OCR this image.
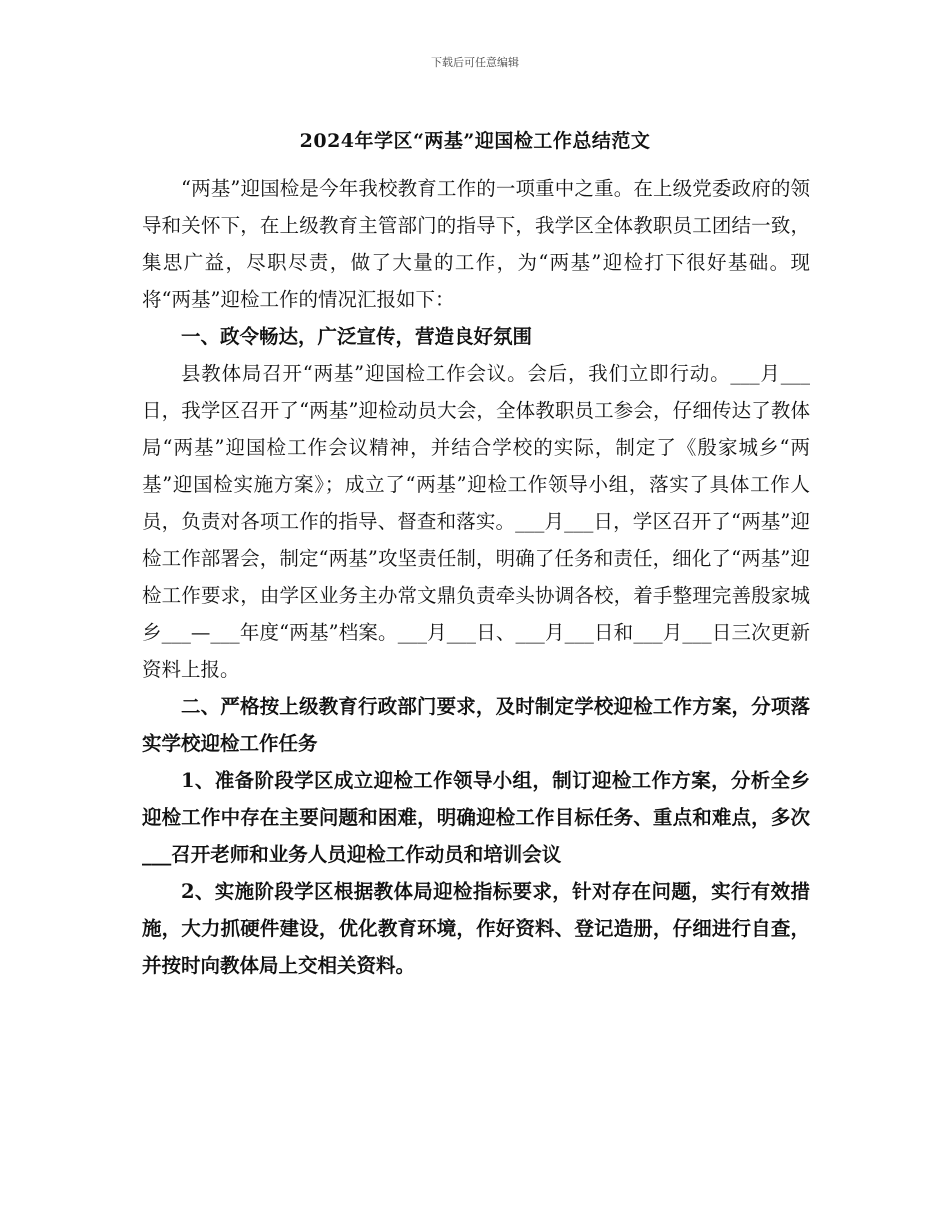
下载后可任意编辑
2024年学区“两基”迎国检工作总结范文

“两基”迎国检是今年我校教育工作的一项重中之重。在上级党委政府的领导和关怀下，在上级教育主管部门的指导下，我学区全体教职员工团结一致，集思广益，尽职尽责，做了大量的工作，为“两基”迎检打下很好基础。现将“两基”迎检工作的情况汇报如下：

一、政令畅达，广泛宣传，营造良好氛围

县教体局召开“两基”迎国检工作会议。会后，我们立即行动。___月___日，我学区召开了“两基”迎检动员大会，全体教职员工参会，仔细传达了教体局“两基”迎国检工作会议精神，并结合学校的实际，制定了《殷家城乡“两基”迎国检实施方案》；成立了“两基”迎检工作领导小组，落实了具体工作人员，负责对各项工作的指导、督查和落实。___月___日，学区召开了“两基”迎检工作部署会，制定“两基”攻坚责任制，明确了任务和责任，细化了“两基”迎检工作要求，由学区业务主办常文鼎负责牵头协调各校，着手整理完善殷家城乡___—___年度“两基”档案。___月___日、___月___日和___月___日三次更新资料上报。

二、严格按上级教育行政部门要求，及时制定学校迎检工作方案，分项落实学校迎检工作任务

1、准备阶段学区成立迎检工作领导小组，制订迎检工作方案，分析全乡迎检工作中存在主要问题和困难，明确迎检工作目标任务、重点和难点，多次___召开老师和业务人员迎检工作动员和培训会议

2、实施阶段学区根据教体局迎检指标要求，针对存在问题，实行有效措施，大力抓硬件建设，优化教育环境，作好资料、登记造册，仔细进行自查，并按时向教体局上交相关资料。
